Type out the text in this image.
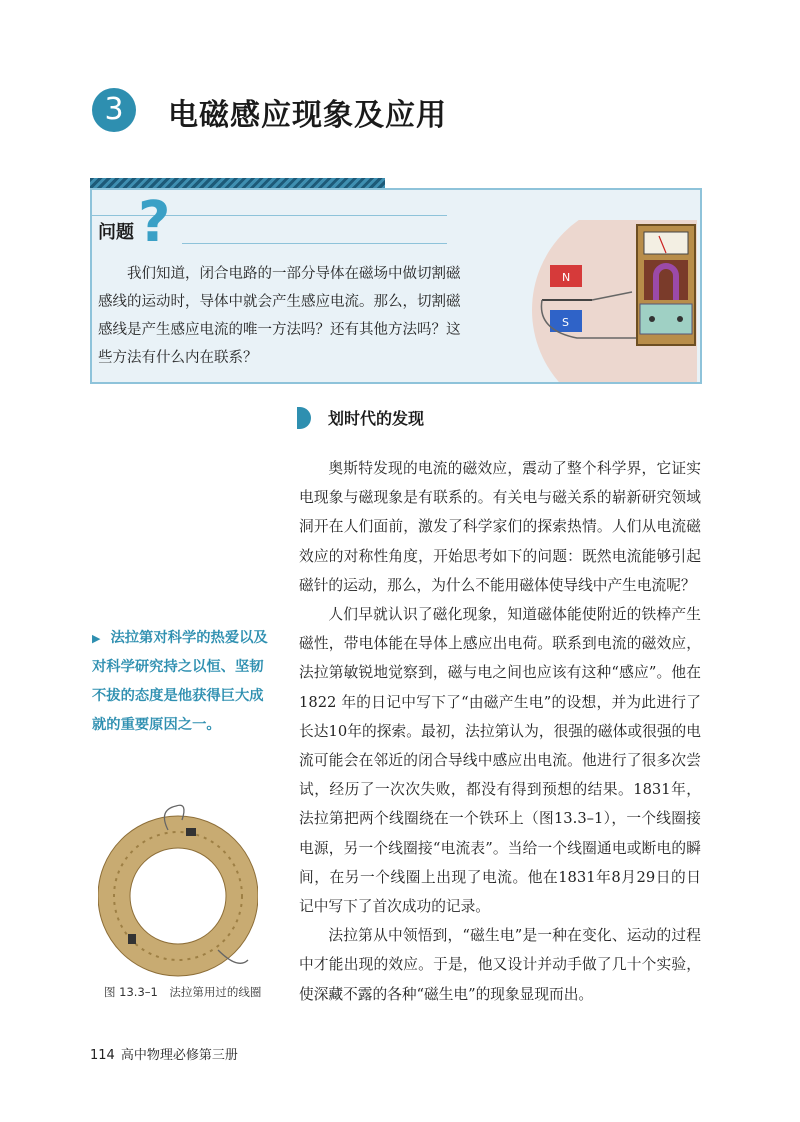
3	电磁感应现象及应用
问题 ?
我们知道，闭合电路的一部分导体在磁场中做切割磁感线的运动时，导体中就会产生感应电流。那么，切割磁感线是产生感应电流的唯一方法吗？还有其他方法吗？这些方法有什么内在联系？
N
S
划时代的发现

奥斯特发现的电流的磁效应，震动了整个科学界，它证实电现象与磁现象是有联系的。有关电与磁关系的崭新研究领域洞开在人们面前，激发了科学家们的探索热情。人们从电流磁效应的对称性角度，开始思考如下的问题：既然电流能够引起磁针的运动，那么，为什么不能用磁体使导线中产生电流呢？

人们早就认识了磁化现象，知道磁体能使附近的铁棒产生磁性，带电体能在导体上感应出电荷。联系到电流的磁效应，法拉第敏锐地觉察到，磁与电之间也应该有这种“感应”。他在1822 年的日记中写下了“由磁产生电”的设想，并为此进行了长达10年的探索。最初，法拉第认为，很强的磁体或很强的电流可能会在邻近的闭合导线中感应出电流。他进行了很多次尝试，经历了一次次失败，都没有得到预想的结果。1831年，法拉第把两个线圈绕在一个铁环上（图13.3–1），一个线圈接电源，另一个线圈接“电流表”。当给一个线圈通电或断电的瞬间，在另一个线圈上出现了电流。他在1831年8月29日的日记中写下了首次成功的记录。

法拉第从中领悟到，“磁生电”是一种在变化、运动的过程中才能出现的效应。于是，他又设计并动手做了几十个实验，使深藏不露的各种“磁生电”的现象显现而出。

▶ 法拉第对科学的热爱以及对科学研究持之以恒、坚韧不拔的态度是他获得巨大成就的重要原因之一。
图 13.3–1　法拉第用过的线圈
114 高中物理必修第三册
